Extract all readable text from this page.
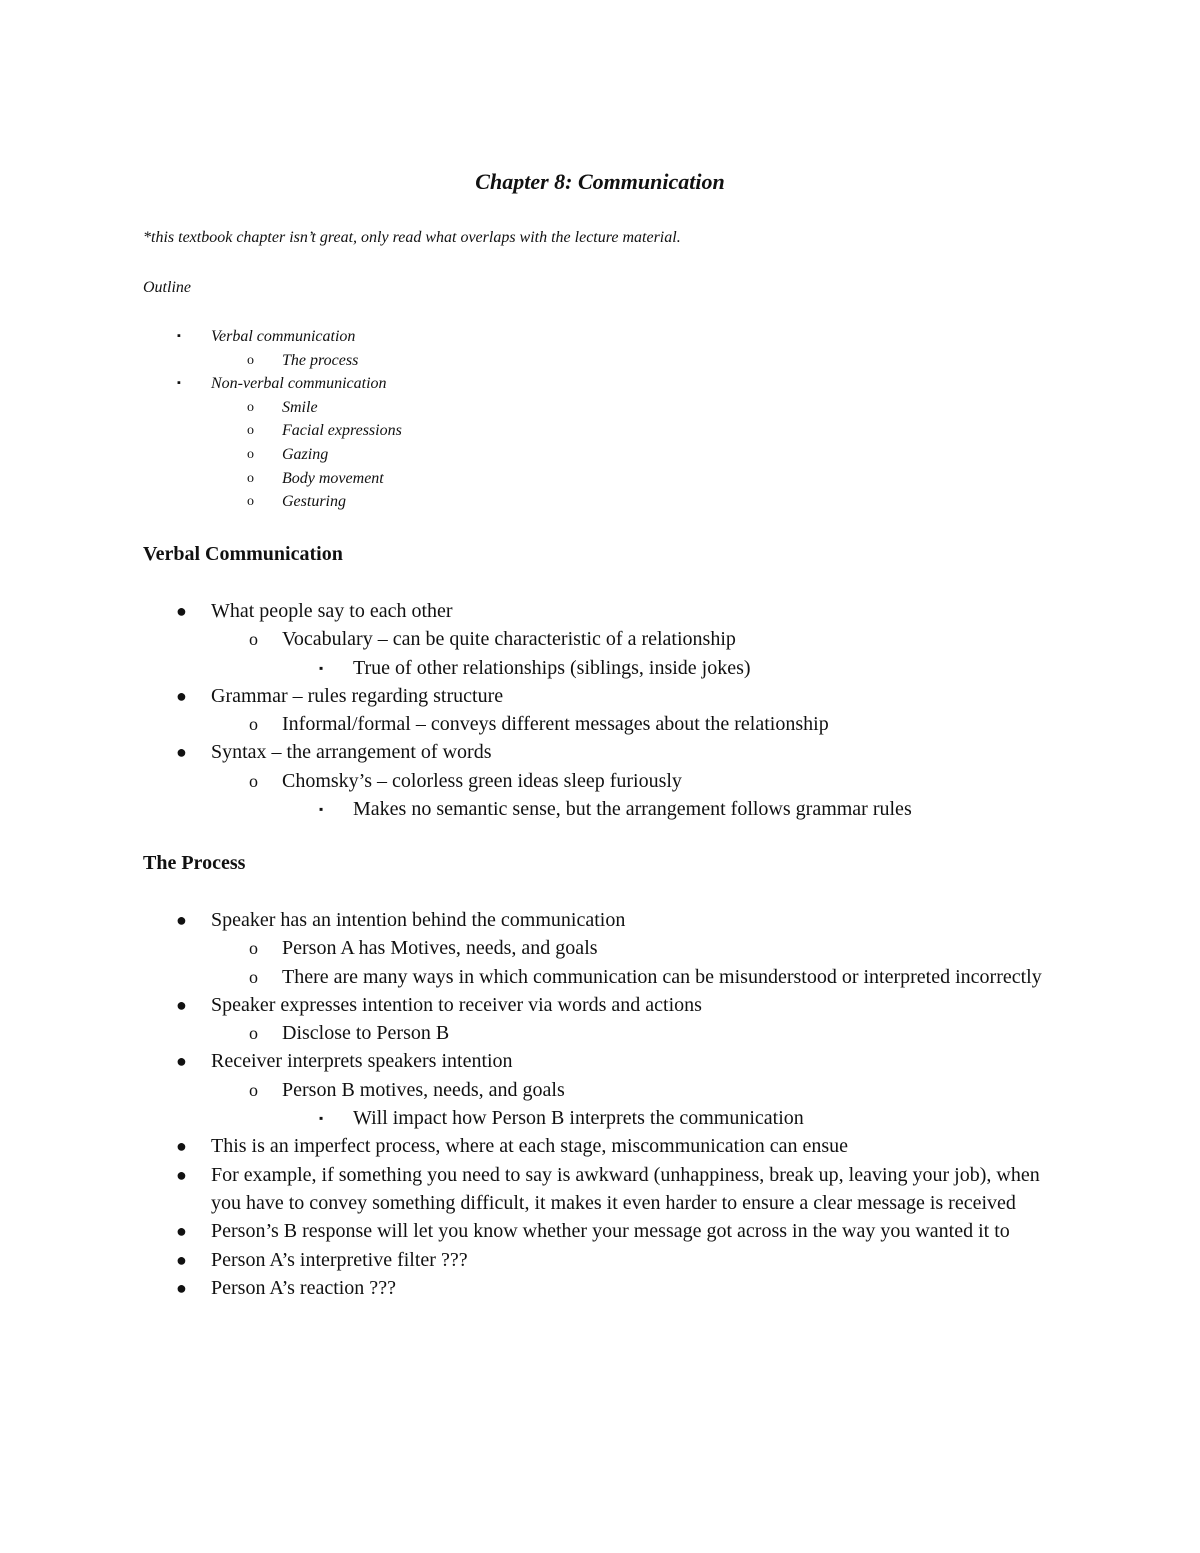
Chapter 8: Communication
*this textbook chapter isn’t great, only read what overlaps with the lecture material.
Outline
▪ Verbal communication
o The process
▪ Non-verbal communication
o Smile
o Facial expressions
o Gazing
o Body movement
o Gesturing
Verbal Communication
● What people say to each other
o Vocabulary – can be quite characteristic of a relationship
▪ True of other relationships (siblings, inside jokes)
● Grammar – rules regarding structure
o Informal/formal – conveys different messages about the relationship
● Syntax – the arrangement of words
o Chomsky’s – colorless green ideas sleep furiously
▪ Makes no semantic sense, but the arrangement follows grammar rules
The Process
● Speaker has an intention behind the communication
o Person A has Motives, needs, and goals
o There are many ways in which communication can be misunderstood or interpreted incorrectly
● Speaker expresses intention to receiver via words and actions
o Disclose to Person B
● Receiver interprets speakers intention
o Person B motives, needs, and goals
▪ Will impact how Person B interprets the communication
● This is an imperfect process, where at each stage, miscommunication can ensue
● For example, if something you need to say is awkward (unhappiness, break up, leaving your job), when you have to convey something difficult, it makes it even harder to ensure a clear message is received
● Person’s B response will let you know whether your message got across in the way you wanted it to
● Person A’s interpretive filter ???
● Person A’s reaction ???
